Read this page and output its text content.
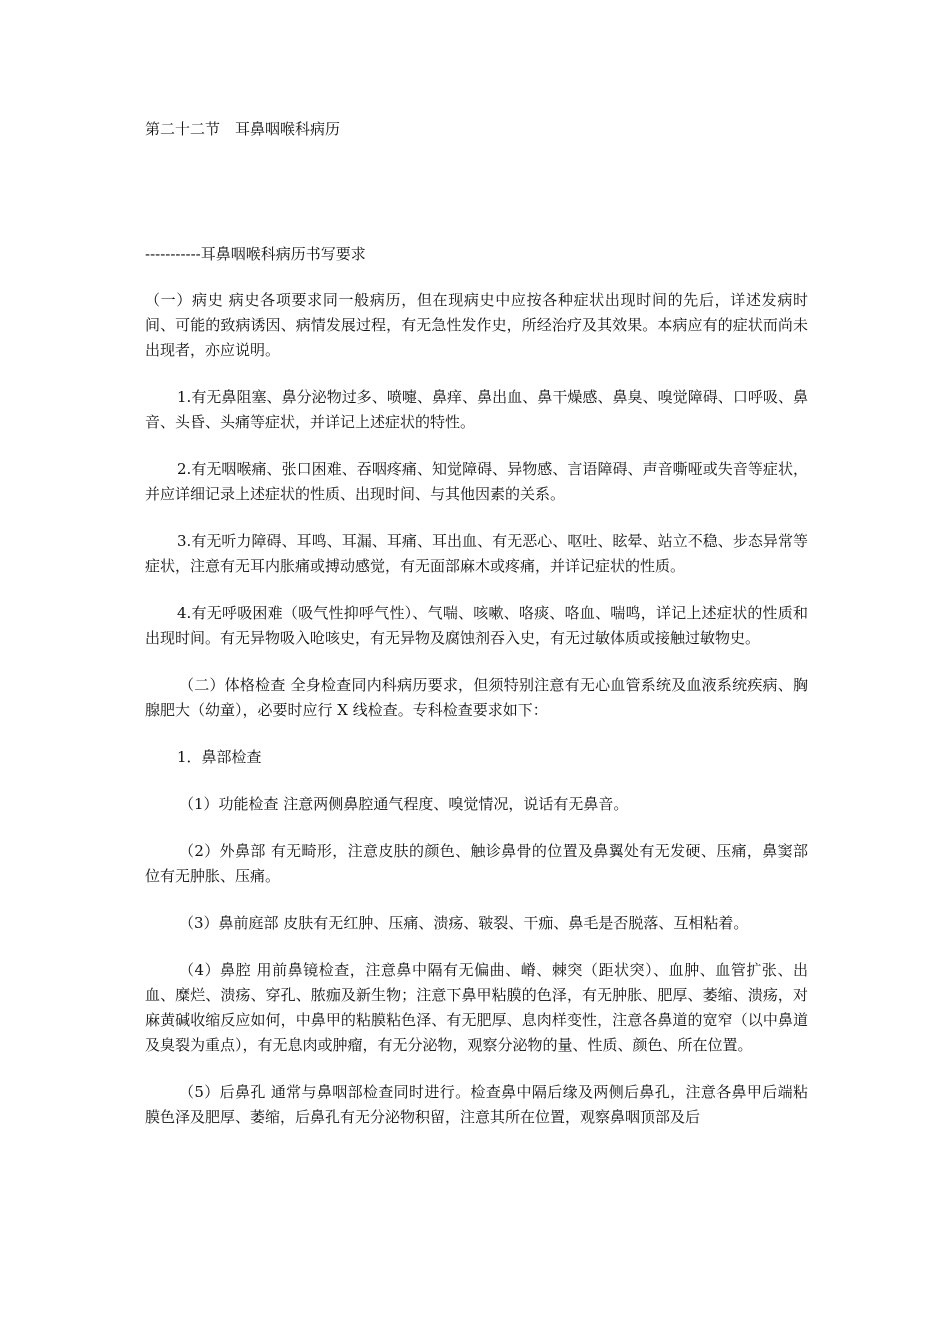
第二十二节　耳鼻咽喉科病历
-----------耳鼻咽喉科病历书写要求

（一）病史 病史各项要求同一般病历，但在现病史中应按各种症状出现时间的先后，详述发病时间、可能的致病诱因、病情发展过程，有无急性发作史，所经治疗及其效果。本病应有的症状而尚未出现者，亦应说明。

1.有无鼻阻塞、鼻分泌物过多、喷嚏、鼻痒、鼻出血、鼻干燥感、鼻臭、嗅觉障碍、口呼吸、鼻音、头昏、头痛等症状，并详记上述症状的特性。

2.有无咽喉痛、张口困难、吞咽疼痛、知觉障碍、异物感、言语障碍、声音嘶哑或失音等症状，并应详细记录上述症状的性质、出现时间、与其他因素的关系。

3.有无听力障碍、耳鸣、耳漏、耳痛、耳出血、有无恶心、呕吐、眩晕、站立不稳、步态异常等症状，注意有无耳内胀痛或搏动感觉，有无面部麻木或疼痛，并详记症状的性质。

4.有无呼吸困难（吸气性抑呼气性）、气喘、咳嗽、咯痰、咯血、喘鸣，详记上述症状的性质和出现时间。有无异物吸入呛咳史，有无异物及腐蚀剂吞入史，有无过敏体质或接触过敏物史。

（二）体格检查 全身检查同内科病历要求，但须特别注意有无心血管系统及血液系统疾病、胸腺肥大（幼童），必要时应行 X 线检查。专科检查要求如下：

1．鼻部检查

（1）功能检查 注意两侧鼻腔通气程度、嗅觉情况，说话有无鼻音。

（2）外鼻部 有无畸形，注意皮肤的颜色、触诊鼻骨的位置及鼻翼处有无发硬、压痛，鼻窦部位有无肿胀、压痛。

（3）鼻前庭部 皮肤有无红肿、压痛、溃疡、皲裂、干痂、鼻毛是否脱落、互相粘着。

（4）鼻腔 用前鼻镜检查，注意鼻中隔有无偏曲、嵴、棘突（距状突）、血肿、血管扩张、出血、糜烂、溃疡、穿孔、脓痂及新生物；注意下鼻甲粘膜的色泽，有无肿胀、肥厚、萎缩、溃疡，对麻黄碱收缩反应如何，中鼻甲的粘膜粘色泽、有无肥厚、息肉样变性，注意各鼻道的宽窄（以中鼻道及臭裂为重点），有无息肉或肿瘤，有无分泌物，观察分泌物的量、性质、颜色、所在位置。

（5）后鼻孔 通常与鼻咽部检查同时进行。检查鼻中隔后缘及两侧后鼻孔，注意各鼻甲后端粘膜色泽及肥厚、萎缩，后鼻孔有无分泌物积留，注意其所在位置，观察鼻咽顶部及后
